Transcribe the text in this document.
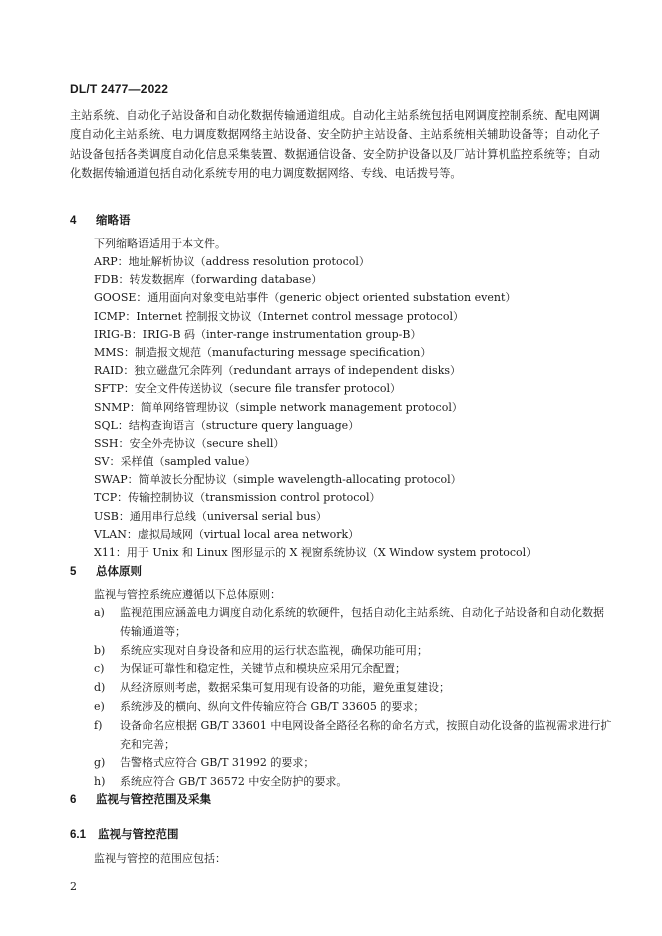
DL/T 2477—2022
主站系统、自动化子站设备和自动化数据传输通道组成。自动化主站系统包括电网调度控制系统、配电网调度自动化主站系统、电力调度数据网络主站设备、安全防护主站设备、主站系统相关辅助设备等；自动化子站设备包括各类调度自动化信息采集装置、数据通信设备、安全防护设备以及厂站计算机监控系统等；自动化数据传输通道包括自动化系统专用的电力调度数据网络、专线、电话拨号等。
4 缩略语
下列缩略语适用于本文件。
ARP：地址解析协议（address resolution protocol）
FDB：转发数据库（forwarding database）
GOOSE：通用面向对象变电站事件（generic object oriented substation event）
ICMP：Internet 控制报文协议（Internet control message protocol）
IRIG-B：IRIG-B 码（inter-range instrumentation group-B）
MMS：制造报文规范（manufacturing message specification）
RAID：独立磁盘冗余阵列（redundant arrays of independent disks）
SFTP：安全文件传送协议（secure file transfer protocol）
SNMP：简单网络管理协议（simple network management protocol）
SQL：结构查询语言（structure query language）
SSH：安全外壳协议（secure shell）
SV：采样值（sampled value）
SWAP：简单波长分配协议（simple wavelength-allocating protocol）
TCP：传输控制协议（transmission control protocol）
USB：通用串行总线（universal serial bus）
VLAN：虚拟局域网（virtual local area network）
X11：用于 Unix 和 Linux 图形显示的 X 视窗系统协议（X Window system protocol）
5 总体原则
监视与管控系统应遵循以下总体原则：
a) 监视范围应涵盖电力调度自动化系统的软硬件，包括自动化主站系统、自动化子站设备和自动化数据传输通道等；
b) 系统应实现对自身设备和应用的运行状态监视，确保功能可用；
c) 为保证可靠性和稳定性，关键节点和模块应采用冗余配置；
d) 从经济原则考虑，数据采集可复用现有设备的功能，避免重复建设；
e) 系统涉及的横向、纵向文件传输应符合 GB/T 33605 的要求；
f) 设备命名应根据 GB/T 33601 中电网设备全路径名称的命名方式，按照自动化设备的监视需求进行扩充和完善；
g) 告警格式应符合 GB/T 31992 的要求；
h) 系统应符合 GB/T 36572 中安全防护的要求。
6 监视与管控范围及采集
6.1 监视与管控范围
监视与管控的范围应包括：
2
